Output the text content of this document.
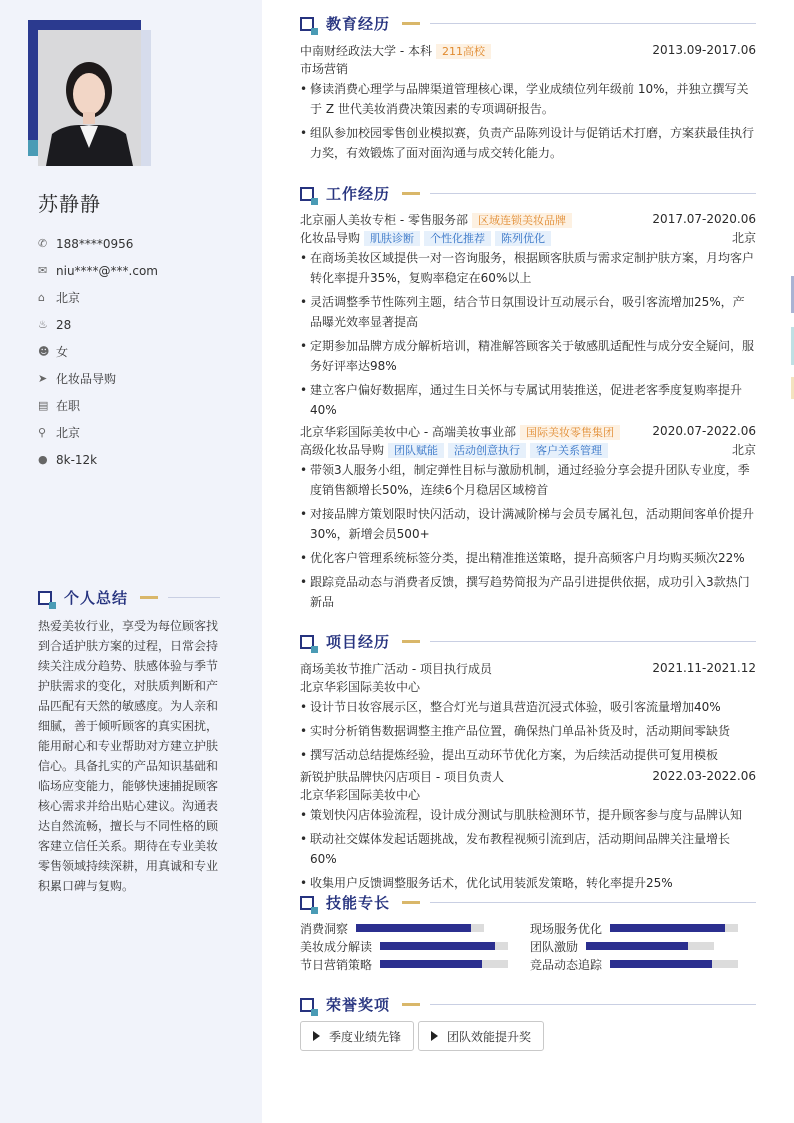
苏静静
✆ 188****0956
✉ niu****@***.com
⌂ 北京
♨ 28
☻ 女
➤ 化妆品导购
▤ 在职
⚲ 北京
● 8k-12k
个人总结
热爱美妆行业，享受为每位顾客找到合适护肤方案的过程，日常会持续关注成分趋势、肤感体验与季节护肤需求的变化，对肤质判断和产品匹配有天然的敏感度。为人亲和细腻，善于倾听顾客的真实困扰，能用耐心和专业帮助对方建立护肤信心。具备扎实的产品知识基础和临场应变能力，能够快速捕捉顾客核心需求并给出贴心建议。沟通表达自然流畅，擅长与不同性格的顾客建立信任关系。期待在专业美妆零售领域持续深耕，用真诚和专业积累口碑与复购。
教育经历
中南财经政法大学 - 本科 211高校	2013.09-2017.06
市场营销
• 修读消费心理学与品牌渠道管理核心课，学业成绩位列年级前 10%，并独立撰写关于 Z 世代美妆消费决策因素的专项调研报告。
• 组队参加校园零售创业模拟赛，负责产品陈列设计与促销话术打磨，方案获最佳执行力奖，有效锻炼了面对面沟通与成交转化能力。
工作经历
北京丽人美妆专柜 - 零售服务部 区域连锁美妆品牌	2017.07-2020.06
化妆品导购 肌肤诊断 个性化推荐 陈列优化	北京
• 在商场美妆区域提供一对一咨询服务，根据顾客肤质与需求定制护肤方案，月均客户转化率提升35%，复购率稳定在60%以上
• 灵活调整季节性陈列主题，结合节日氛围设计互动展示台，吸引客流增加25%，产品曝光效率显著提高
• 定期参加品牌方成分解析培训，精准解答顾客关于敏感肌适配性与成分安全疑问，服务好评率达98%
• 建立客户偏好数据库，通过生日关怀与专属试用装推送，促进老客季度复购率提升40%
北京华彩国际美妆中心 - 高端美妆事业部 国际美妆零售集团	2020.07-2022.06
高级化妆品导购 团队赋能 活动创意执行 客户关系管理	北京
• 带领3人服务小组，制定弹性目标与激励机制，通过经验分享会提升团队专业度，季度销售额增长50%，连续6个月稳居区域榜首
• 对接品牌方策划限时快闪活动，设计满减阶梯与会员专属礼包，活动期间客单价提升30%，新增会员500+
• 优化客户管理系统标签分类，提出精准推送策略，提升高频客户月均购买频次22%
• 跟踪竞品动态与消费者反馈，撰写趋势简报为产品引进提供依据，成功引入3款热门新品
项目经历
商场美妆节推广活动 - 项目执行成员	2021.11-2021.12
北京华彩国际美妆中心
• 设计节日妆容展示区，整合灯光与道具营造沉浸式体验，吸引客流量增加40%
• 实时分析销售数据调整主推产品位置，确保热门单品补货及时，活动期间零缺货
• 撰写活动总结提炼经验，提出互动环节优化方案，为后续活动提供可复用模板
新锐护肤品牌快闪店项目 - 项目负责人	2022.03-2022.06
北京华彩国际美妆中心
• 策划快闪店体验流程，设计成分测试与肌肤检测环节，提升顾客参与度与品牌认知
• 联动社交媒体发起话题挑战，发布教程视频引流到店，活动期间品牌关注量增长60%
• 收集用户反馈调整服务话术，优化试用装派发策略，转化率提升25%
技能专长
消费洞察	现场服务优化
美妆成分解读	团队激励
节日营销策略	竞品动态追踪
荣誉奖项
季度业绩先锋	团队效能提升奖
